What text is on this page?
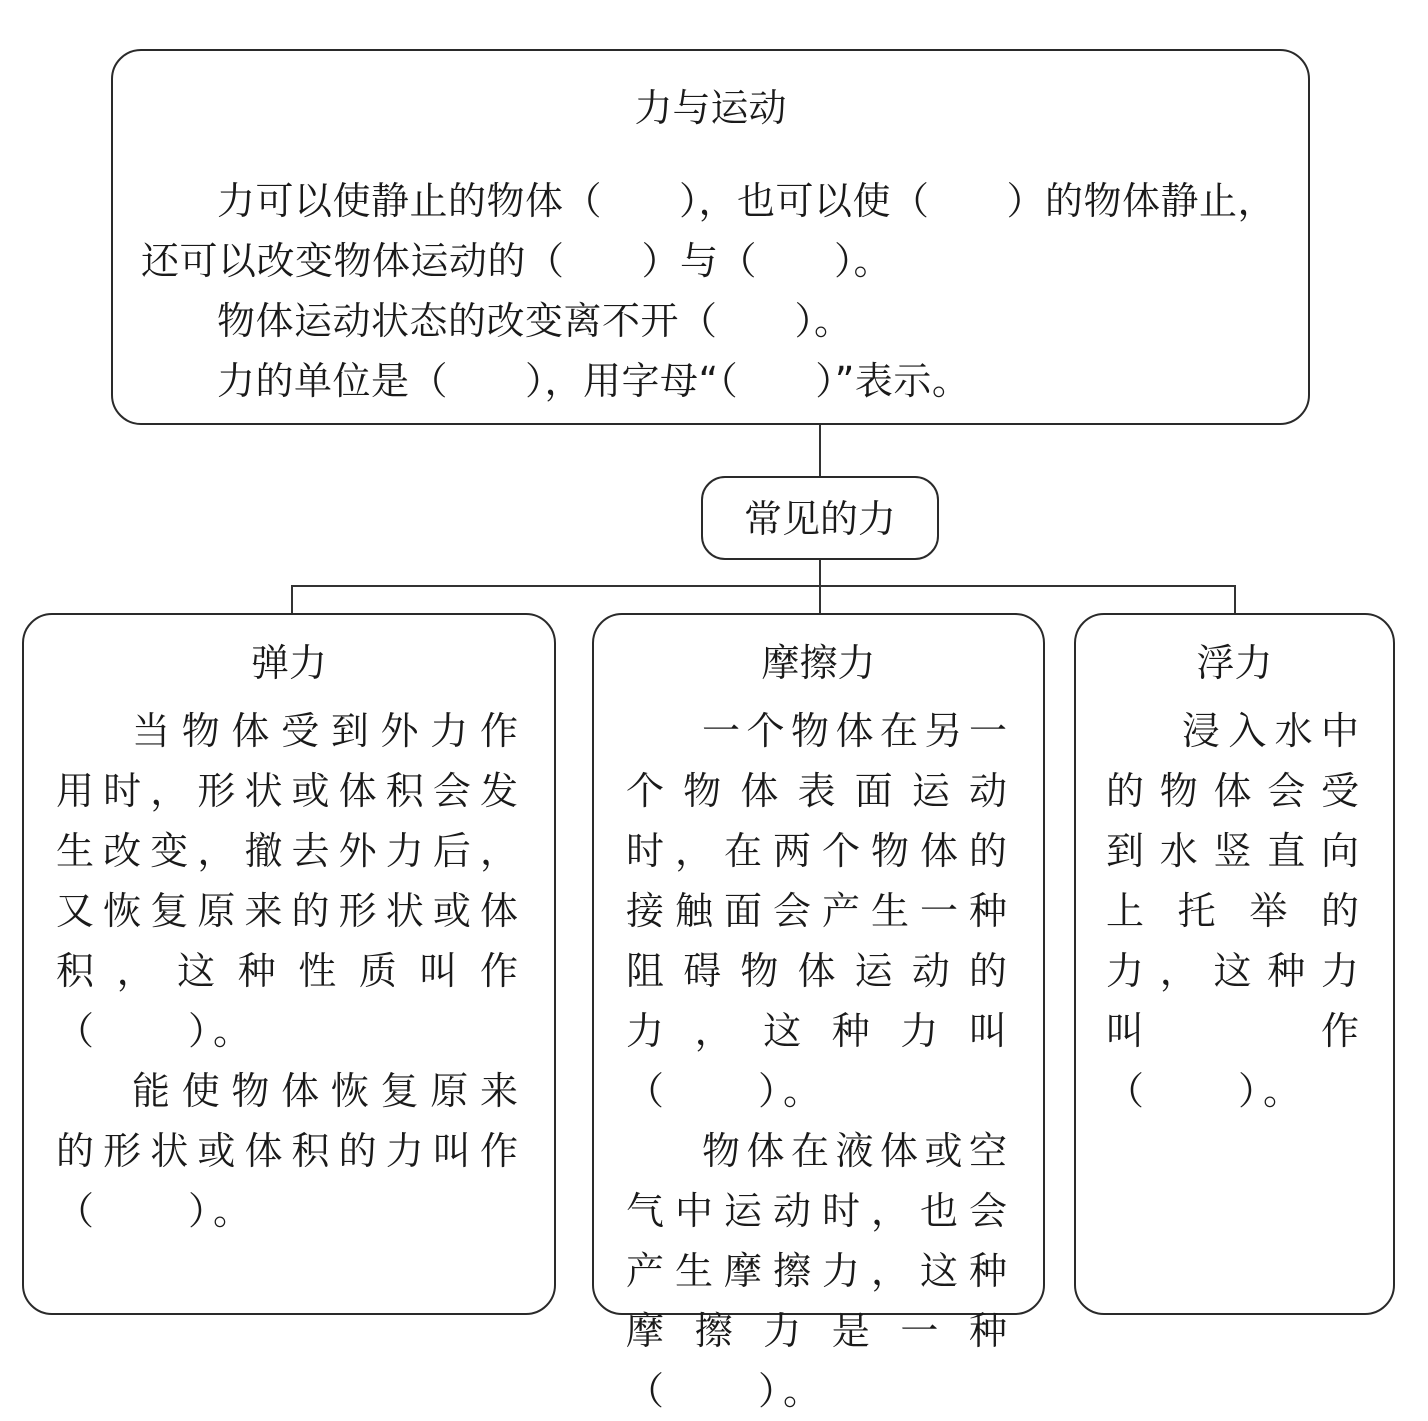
力与运动

力可以使静止的物体（　　），也可以使（　　）的物体静止，

还可以改变物体运动的（　　）与（　　）。

物体运动状态的改变离不开（　　）。

力的单位是（　　），用字母“（　　）”表示。

常见的力
弹力

当物体受到外力作用时，形状或体积会发生改变，撤去外力后，又恢复原来的形状或体积，这种性质叫作（　　）。

能使物体恢复原来的形状或体积的力叫作（　　）。

摩擦力

一个物体在另一个物体表面运动时，在两个物体的接触面会产生一种阻碍物体运动的力，这种力叫（　　）。

物体在液体或空气中运动时，也会产生摩擦力，这种摩擦力是一种（　　）。

浮力

浸入水中的物体会受到水竖直向上托举的力，这种力叫作（　　）。
